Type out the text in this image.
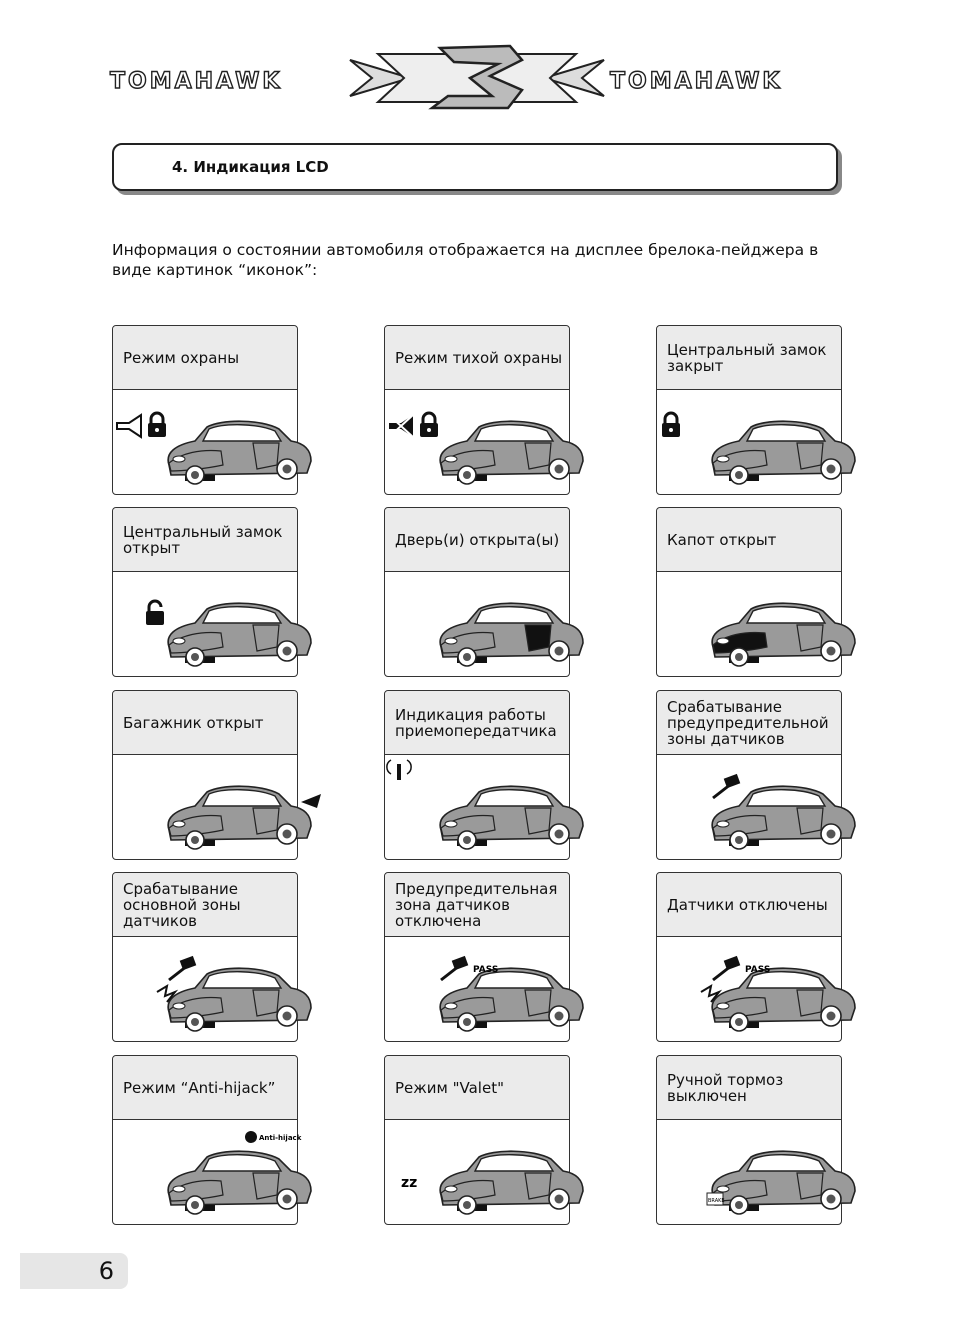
TOMAHAWK	TOMAHAWK
4. Индикация LCD
Информация о состоянии автомобиля отображается на дисплее брелока-пейджера в виде картинок “иконок”:
Режим охраны	Режим тихой охраны	Центральный замок
закрыт
Центральный замок
открыт	Дверь(и) открыта(ы)	Капот открыт
Багажник открыт	Индикация работы
приемопередатчика
Срабатывание
предупредительной
зоны датчиков
Срабатывание
основной зоны
датчиков
Предупредительная
зона датчиков
отключена
PASS
Датчики отключены
PASS
Режим “Anti-hijack”
Anti-hijack
Режим "Valet"
zz
Ручной тормоз
выключен
BRAKE
6
